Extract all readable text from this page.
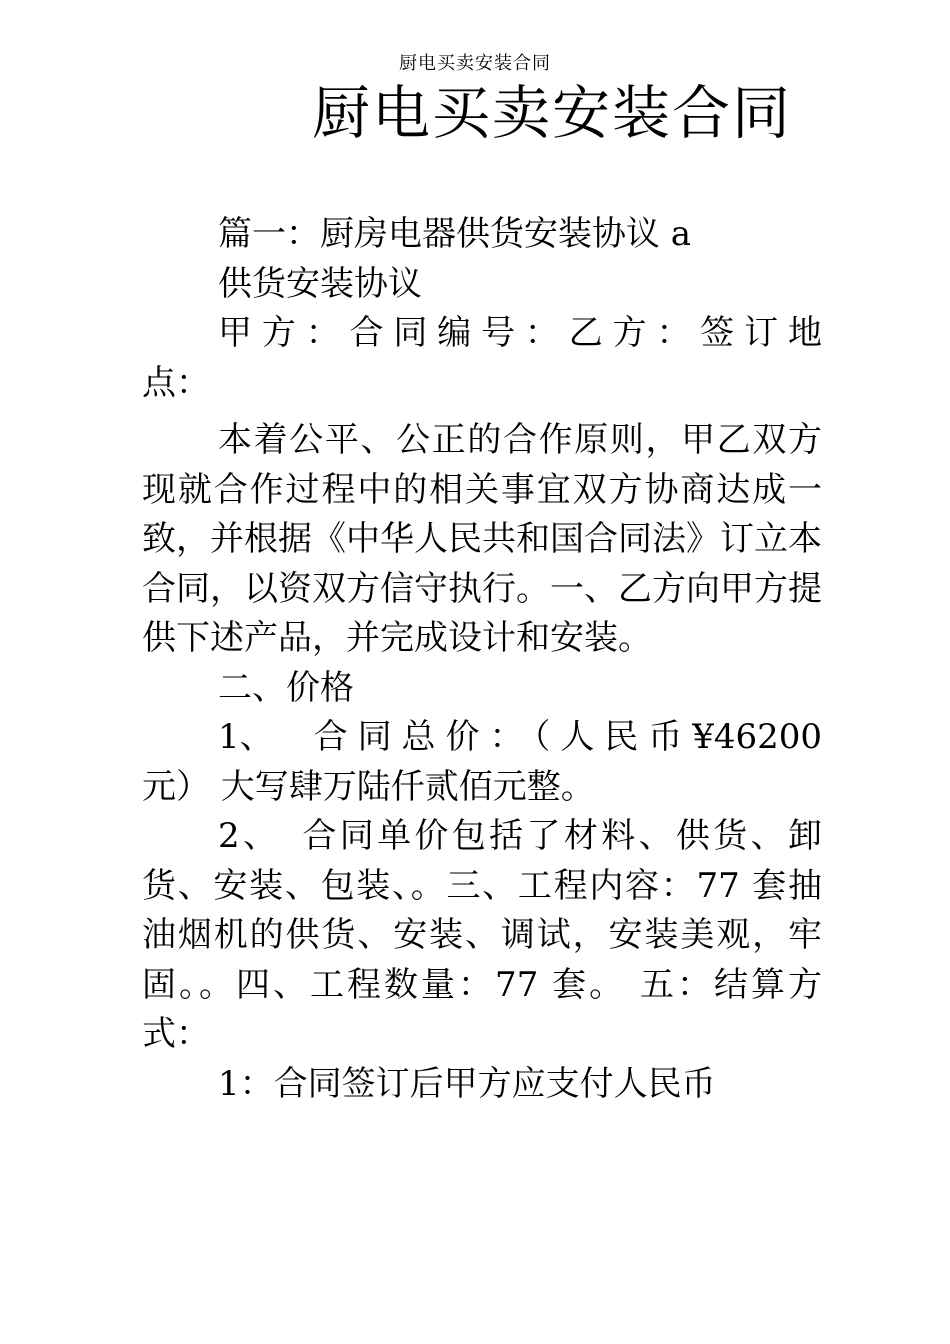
厨电买卖安装合同
厨电买卖安装合同

篇一：厨房电器供货安装协议 a

供货安装协议

甲方：合同编号：乙方：签订地

点：

本着公平、公正的合作原则，甲乙双方现就合作过程中的相关事宜双方协商达成一致，并根据《中华人民共和国合同法》订立本合同，以资双方信守执行。一、乙方向甲方提供下述产品，并完成设计和安装。

二、价格

1、 合同总价：（人民币¥46200

元） 大写肆万陆仟贰佰元整。

2、 合同单价包括了材料、供货、卸 货、安装、包装、。三、工程内容：77 套抽油烟机的供货、安装、调试，安装美观，牢固。。四、工程数量：77 套。 五：结算方式：

1：合同签订后甲方应支付人民币
